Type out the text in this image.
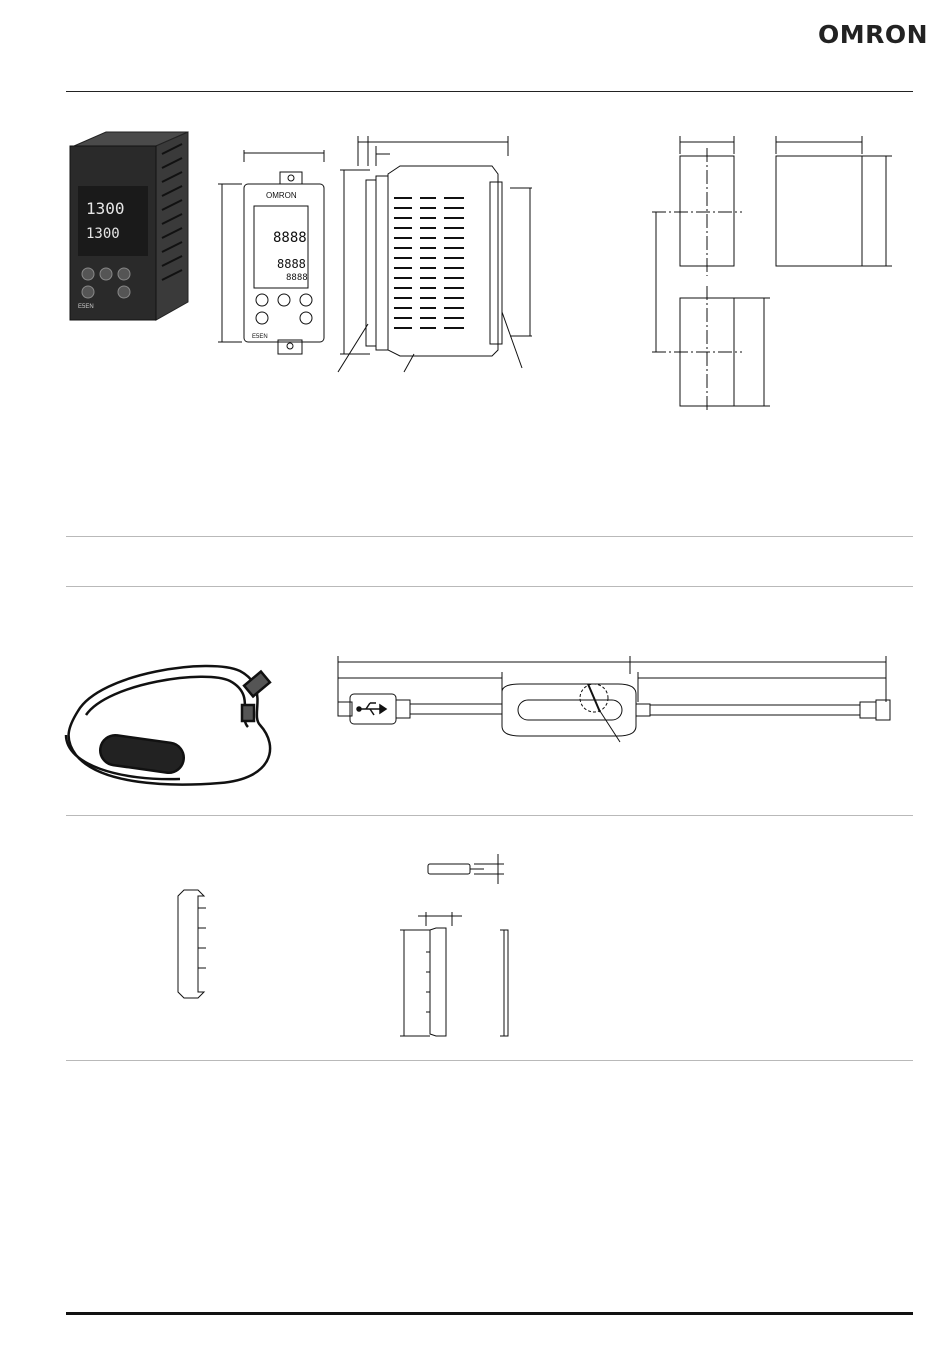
OMRON
1300
1300
E5EN
OMRON
8888
8888
8888
E5EN
